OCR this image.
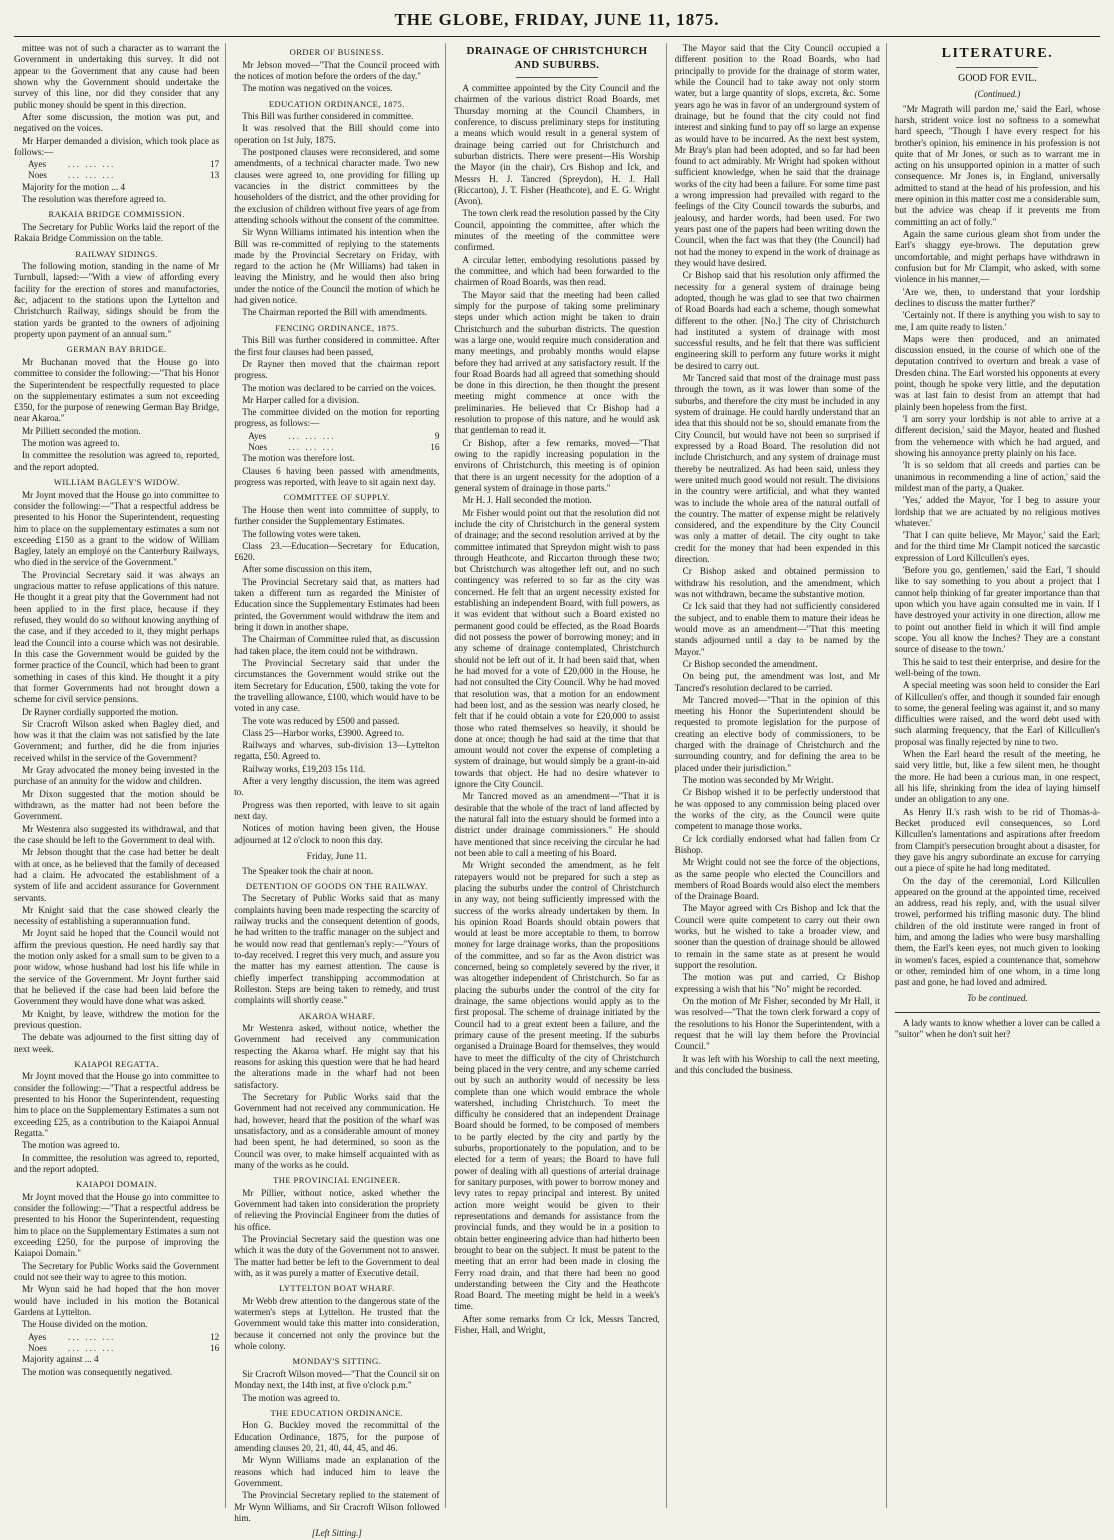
THE GLOBE, FRIDAY, JUNE 11, 1875.

mittee was not of such a character as to warrant the Government in undertaking this survey. It did not appear to the Government that any cause had been shown why the Government should undertake the survey of this line, nor did they consider that any public money should be spent in this direction.

After some discussion, the motion was put, and negatived on the voices.

Mr Harper demanded a division, which took place as follows:—

Ayes	... ... ...	17
Noes	... ... ...	13

Majority for the motion ... 4

The resolution was therefore agreed to.

RAKAIA BRIDGE COMMISSION.

The Secretary for Public Works laid the report of the Rakaia Bridge Commission on the table.

RAILWAY SIDINGS.

The following motion, standing in the name of Mr Turnbull, lapsed:—"With a view of affording every facility for the erection of stores and manufactories, &c, adjacent to the stations upon the Lyttelton and Christchurch Railway, sidings should be from the station yards be granted to the owners of adjoining property upon payment of an annual sum."

GERMAN BAY BRIDGE.

Mr Buchanan moved that the House go into committee to consider the following:—"That his Honor the Superintendent be respectfully requested to place on the supplementary estimates a sum not exceeding £350, for the purpose of renewing German Bay Bridge, near Akaroa."

Mr Pilliett seconded the motion.

The motion was agreed to.

In committee the resolution was agreed to, reported, and the report adopted.

WILLIAM BAGLEY'S WIDOW.

Mr Joynt moved that the House go into committee to consider the following:—"That a respectful address be presented to his Honor the Superintendent, requesting him to place on the supplementary estimates a sum not exceeding £150 as a grant to the widow of William Bagley, lately an employé on the Canterbury Railways, who died in the service of the Government."

The Provincial Secretary said it was always an ungracious matter to refuse applications of this nature. He thought it a great pity that the Government had not been applied to in the first place, because if they refused, they would do so without knowing anything of the case, and if they acceded to it, they might perhaps lead the Council into a course which was not desirable. In this case the Government would be guided by the former practice of the Council, which had been to grant something in cases of this kind. He thought it a pity that former Governments had not brought down a scheme for civil service pensions.

Dr Rayner cordially supported the motion.

Sir Cracroft Wilson asked when Bagley died, and how was it that the claim was not satisfied by the late Government; and further, did he die from injuries received whilst in the service of the Government?

Mr Gray advocated the money being invested in the purchase of an annuity for the widow and children.

Mr Dixon suggested that the motion should be withdrawn, as the matter had not been before the Government.

Mr Westenra also suggested its withdrawal, and that the case should be left to the Government to deal with.

Mr Jebson thought that the case had better be dealt with at once, as he believed that the family of deceased had a claim. He advocated the establishment of a system of life and accident assurance for Government servants.

Mr Knight said that the case showed clearly the necessity of establishing a superannuation fund.

Mr Joynt said he hoped that the Council would not affirm the previous question. He need hardly say that the motion only asked for a small sum to be given to a poor widow, whose husband had lost his life while in the service of the Government. Mr Joynt further said that he believed if the case had been laid before the Government they would have done what was asked.

Mr Knight, by leave, withdrew the motion for the previous question.

The debate was adjourned to the first sitting day of next week.

KAIAPOI REGATTA.

Mr Joynt moved that the House go into committee to consider the following:—"That a respectful address be presented to his Honor the Superintendent, requesting him to place on the Supplementary Estimates a sum not exceeding £25, as a contribution to the Kaiapoi Annual Regatta."

The motion was agreed to.

In committee, the resolution was agreed to, reported, and the report adopted.

KAIAPOI DOMAIN.

Mr Joynt moved that the House go into committee to consider the following:—"That a respectful address be presented to his Honor the Superintendent, requesting him to place on the Supplementary Estimates a sum not exceeding £250, for the purpose of improving the Kaiapoi Domain."

The Secretary for Public Works said the Government could not see their way to agree to this motion.

Mr Wynn said he had hoped that the hon mover would have included in his motion the Botanical Gardens at Lyttelton.

The House divided on the motion.

Ayes	... ... ...	12
Noes	... ... ...	16

Majority against ... 4

The motion was consequently negatived.

ORDER OF BUSINESS.

Mr Jebson moved—"That the Council proceed with the notices of motion before the orders of the day."

The motion was negatived on the voices.

EDUCATION ORDINANCE, 1875.

This Bill was further considered in committee.

It was resolved that the Bill should come into operation on 1st July, 1875.

The postponed clauses were reconsidered, and some amendments, of a technical character made. Two new clauses were agreed to, one providing for filling up vacancies in the district committees by the householders of the district, and the other providing for the exclusion of children without five years of age from attending schools without the consent of the committee.

Sir Wynn Williams intimated his intention when the Bill was re-committed of replying to the statements made by the Provincial Secretary on Friday, with regard to the action he (Mr Williams) had taken in leaving the Ministry, and he would then also bring under the notice of the Council the motion of which he had given notice.

The Chairman reported the Bill with amendments.

FENCING ORDINANCE, 1875.

This Bill was further considered in committee. After the first four clauses had been passed,

Dr Rayner then moved that the chairman report progress.

The motion was declared to be carried on the voices.

Mr Harper called for a division.

The committee divided on the motion for reporting progress, as follows:—

Ayes	... ... ...	9
Noes	... ... ...	16

The motion was therefore lost.

Clauses 6 having been passed with amendments, progress was reported, with leave to sit again next day.

COMMITTEE OF SUPPLY.

The House then went into committee of supply, to further consider the Supplementary Estimates.

The following votes were taken.

Class 23.—Education—Secretary for Education, £620.

After some discussion on this item,

The Provincial Secretary said that, as matters had taken a different turn as regarded the Minister of Education since the Supplementary Estimates had been printed, the Government would withdraw the item and bring it down in another shape.

The Chairman of Committee ruled that, as discussion had taken place, the item could not be withdrawn.

The Provincial Secretary said that under the circumstances the Government would strike out the item Secretary for Education, £500, taking the vote for the travelling allowance, £100, which would have to be voted in any case.

The vote was reduced by £500 and passed.

Class 25—Harbor works, £3900. Agreed to.

Railways and wharves, sub-division 13—Lyttelton regatta, £50. Agreed to.

Railway works, £19,203 15s 11d.

After a very lengthy discussion, the item was agreed to.

Progress was then reported, with leave to sit again next day.

Notices of motion having been given, the House adjourned at 12 o'clock to noon this day.

Friday, June 11.

The Speaker took the chair at noon.

DETENTION OF GOODS ON THE RAILWAY.

The Secretary of Public Works said that as many complaints having been made respecting the scarcity of railway trucks and the consequent detention of goods, he had written to the traffic manager on the subject and he would now read that gentleman's reply:—"Yours of to-day received. I regret this very much, and assure you the matter has my earnest attention. The cause is chiefly imperfect transhipping accommodation at Rolleston. Steps are being taken to remedy, and trust complaints will shortly cease."

AKAROA WHARF.

Mr Westenra asked, without notice, whether the Government had received any communication respecting the Akaroa wharf. He might say that his reasons for asking this question were that he had heard the alterations made in the wharf had not been satisfactory.

The Secretary for Public Works said that the Government had not received any communication. He had, however, heard that the position of the wharf was unsatisfactory, and as a considerable amount of money had been spent, he had determined, so soon as the Council was over, to make himself acquainted with as many of the works as he could.

THE PROVINCIAL ENGINEER.

Mr Pillier, without notice, asked whether the Government had taken into consideration the propriety of relieving the Provincial Engineer from the duties of his office.

The Provincial Secretary said the question was one which it was the duty of the Government not to answer. The matter had better be left to the Government to deal with, as it was purely a matter of Executive detail.

LYTTELTON BOAT WHARF.

Mr Webb drew attention to the dangerous state of the watermen's steps at Lyttelton. He trusted that the Government would take this matter into consideration, because it concerned not only the province but the whole colony.

MONDAY'S SITTING.

Sir Cracroft Wilson moved—"That the Council sit on Monday next, the 14th inst, at five o'clock p.m."

The motion was agreed to.

THE EDUCATION ORDINANCE.

Hon G. Buckley moved the recommittal of the Education Ordinance, 1875, for the purpose of amending clauses 20, 21, 40, 44, 45, and 46.

Mr Wynn Williams made an explanation of the reasons which had induced him to leave the Government.

The Provincial Secretary replied to the statement of Mr Wynn Williams, and Sir Cracroft Wilson followed him.

[Left Sitting.]
DRAINAGE OF CHRISTCHURCH AND SUBURBS.

A committee appointed by the City Council and the chairmen of the various district Road Boards, met Thursday morning at the Council Chambers, in conference, to discuss preliminary steps for instituting a means which would result in a general system of drainage being carried out for Christchurch and suburban districts. There were present—His Worship the Mayor (in the chair), Crs Bishop and Ick, and Messrs H. J. Tancred (Spreydon), H. J. Hall (Riccarton), J. T. Fisher (Heathcote), and E. G. Wright (Avon).

The town clerk read the resolution passed by the City Council, appointing the committee, after which the minutes of the meeting of the committee were confirmed.

A circular letter, embodying resolutions passed by the committee, and which had been forwarded to the chairmen of Road Boards, was then read.

The Mayor said that the meeting had been called simply for the purpose of taking some preliminary steps under which action might be taken to drain Christchurch and the suburban districts. The question was a large one, would require much consideration and many meetings, and probably months would elapse before they had arrived at any satisfactory result. If the four Road Boards had all agreed that something should be done in this direction, he then thought the present meeting might commence at once with the preliminaries. He believed that Cr Bishop had a resolution to propose of this nature, and he would ask that gentleman to read it.

Cr Bishop, after a few remarks, moved—"That owing to the rapidly increasing population in the environs of Christchurch, this meeting is of opinion that there is an urgent necessity for the adoption of a general system of drainage in those parts."

Mr H. J. Hall seconded the motion.

Mr Fisher would point out that the resolution did not include the city of Christchurch in the general system of drainage; and the second resolution arrived at by the committee intimated that Spreydon might wish to pass through Heathcote, and Riccarton through these two; but Christchurch was altogether left out, and no such contingency was referred to so far as the city was concerned. He felt that an urgent necessity existed for establishing an independent Board, with full powers, as it was evident that without such a Board existed no permanent good could be effected, as the Road Boards did not possess the power of borrowing money; and in any scheme of drainage contemplated, Christchurch should not be left out of it. It had been said that, when he had moved for a vote of £20,000 in the House, he had not consulted the City Council. Why he had moved that resolution was, that a motion for an endowment had been lost, and as the session was nearly closed, he felt that if he could obtain a vote for £20,000 to assist those who rated themselves so heavily, it should be done at once; though he had said at the time that that amount would not cover the expense of completing a system of drainage, but would simply be a grant-in-aid towards that object. He had no desire whatever to ignore the City Council.

Mr Tancred moved as an amendment—"That it is desirable that the whole of the tract of land affected by the natural fall into the estuary should be formed into a district under drainage commissioners." He should have mentioned that since receiving the circular he had not been able to call a meeting of his Board.

Mr Wright seconded the amendment, as he felt ratepayers would not be prepared for such a step as placing the suburbs under the control of Christchurch in any way, not being sufficiently impressed with the success of the works already undertaken by them. In his opinion Road Boards should obtain powers that would at least be more acceptable to them, to borrow money for large drainage works, than the propositions of the committee, and so far as the Avon district was concerned, being so completely severed by the river, it was altogether independent of Christchurch. So far as placing the suburbs under the control of the city for drainage, the same objections would apply as to the first proposal. The scheme of drainage initiated by the Council had to a great extent been a failure, and the primary cause of the present meeting. If the suburbs organised a Drainage Board for themselves, they would have to meet the difficulty of the city of Christchurch being placed in the very centre, and any scheme carried out by such an authority would of necessity be less complete than one which would embrace the whole watershed, including Christchurch. To meet the difficulty he considered that an independent Drainage Board should be formed, to be composed of members to be partly elected by the city and partly by the suburbs, proportionately to the population, and to be elected for a term of years; the Board to have full power of dealing with all questions of arterial drainage for sanitary purposes, with power to borrow money and levy rates to repay principal and interest. By united action more weight would be given to their representations and demands for assistance from the provincial funds, and they would be in a position to obtain better engineering advice than had hitherto been brought to bear on the subject. It must be patent to the meeting that an error had been made in closing the Ferry road drain, and that there had been no good understanding between the City and the Heathcote Road Board. The meeting might be held in a week's time.

After some remarks from Cr Ick, Messrs Tancred, Fisher, Hall, and Wright,

The Mayor said that the City Council occupied a different position to the Road Boards, who had principally to provide for the drainage of storm water, while the Council had to take away not only storm water, but a large quantity of slops, excreta, &c. Some years ago he was in favor of an underground system of drainage, but he found that the city could not find interest and sinking fund to pay off so large an expense as would have to be incurred. As the next best system, Mr Bray's plan had been adopted, and so far had been found to act admirably. Mr Wright had spoken without sufficient knowledge, when he said that the drainage works of the city had been a failure. For some time past a wrong impression had prevailed with regard to the feelings of the City Council towards the suburbs, and jealousy, and harder words, had been used. For two years past one of the papers had been writing down the Council, when the fact was that they (the Council) had not had the money to expend in the work of drainage as they would have desired.

Cr Bishop said that his resolution only affirmed the necessity for a general system of drainage being adopted, though he was glad to see that two chairmen of Road Boards had each a scheme, though somewhat different to the other. [No.] The city of Christchurch had instituted a system of drainage with most successful results, and he felt that there was sufficient engineering skill to perform any future works it might be desired to carry out.

Mr Tancred said that most of the drainage must pass through the town, as it was lower than some of the suburbs, and therefore the city must be included in any system of drainage. He could hardly understand that an idea that this should not be so, should emanate from the City Council, but would have not been so surprised if expressed by a Road Board. The resolution did not include Christchurch, and any system of drainage must thereby be neutralized. As had been said, unless they were united much good would not result. The divisions in the country were artificial, and what they wanted was to include the whole area of the natural outfall of the country. The matter of expense might be relatively considered, and the expenditure by the City Council was only a matter of detail. The city ought to take credit for the money that had been expended in this direction.

Cr Bishop asked and obtained permission to withdraw his resolution, and the amendment, which was not withdrawn, became the substantive motion.

Cr Ick said that they had not sufficiently considered the subject, and to enable them to mature their ideas he would move as an amendment—"That this meeting stands adjourned until a day to be named by the Mayor."

Cr Bishop seconded the amendment.

On being put, the amendment was lost, and Mr Tancred's resolution declared to be carried.

Mr Tancred moved—"That in the opinion of this meeting his Honor the Superintendent should be requested to promote legislation for the purpose of creating an elective body of commissioners, to be charged with the drainage of Christchurch and the surrounding country, and for defining the area to be placed under their jurisdiction."

The motion was seconded by Mr Wright.

Cr Bishop wished it to be perfectly understood that he was opposed to any commission being placed over the works of the city, as the Council were quite competent to manage those works.

Cr Ick cordially endorsed what had fallen from Cr Bishop.

Mr Wright could not see the force of the objections, as the same people who elected the Councillors and members of Road Boards would also elect the members of the Drainage Board.

The Mayor agreed with Crs Bishop and Ick that the Council were quite competent to carry out their own works, but he wished to take a broader view, and sooner than the question of drainage should be allowed to remain in the same state as at present he would support the resolution.

The motion was put and carried, Cr Bishop expressing a wish that his "No" might be recorded.

On the motion of Mr Fisher, seconded by Mr Hall, it was resolved—"That the town clerk forward a copy of the resolutions to his Honor the Superintendent, with a request that he will lay them before the Provincial Council."

It was left with his Worship to call the next meeting, and this concluded the business.

LITERATURE.
GOOD FOR EVIL.
(Continued.)

"Mr Magrath will pardon me,' said the Earl, whose harsh, strident voice lost no softness to a somewhat hard speech, "Though I have every respect for his brother's opinion, his eminence in his profession is not quite that of Mr Jones, or such as to warrant me in acting on his unsupported opinion in a matter of such consequence. Mr Jones is, in England, universally admitted to stand at the head of his profession, and his mere opinion in this matter cost me a considerable sum, but the advice was cheap if it prevents me from committing an act of folly."

Again the same curious gleam shot from under the Earl's shaggy eye-brows. The deputation grew uncomfortable, and might perhaps have withdrawn in confusion but for Mr Clampit, who asked, with some violence in his manner,—

'Are we, then, to understand that your lordship declines to discuss the matter further?'

'Certainly not. If there is anything you wish to say to me, I am quite ready to listen.'

Maps were then produced, and an animated discussion ensued, in the course of which one of the deputation contrived to overturn and break a vase of Dresden china. The Earl worsted his opponents at every point, though he spoke very little, and the deputation was at last fain to desist from an attempt that had plainly been hopeless from the first.

'I am sorry your lordship is not able to arrive at a different decision,' said the Mayor, heated and flushed from the vehemence with which he had argued, and showing his annoyance pretty plainly on his face.

'It is so seldom that all creeds and parties can be unanimous in recommending a line of action,' said the mildest man of the party, a Quaker.

'Yes,' added the Mayor, 'for I beg to assure your lordship that we are actuated by no religious motives whatever.'

'That I can quite believe, Mr Mayor,' said the Earl; and for the third time Mr Clampit noticed the sarcastic expression of Lord Killcullen's eyes.

'Before you go, gentlemen,' said the Earl, 'I should like to say something to you about a project that I cannot help thinking of far greater importance than that upon which you have again consulted me in vain. If I have destroyed your activity in one direction, allow me to point out another field in which it will find ample scope. You all know the Inches? They are a constant source of disease to the town.'

This he said to test their enterprise, and desire for the well-being of the town.

A special meeting was soon held to consider the Earl of Killcullen's offer, and though it sounded fair enough to some, the general feeling was against it, and so many difficulties were raised, and the word debt used with such alarming frequency, that the Earl of Killcullen's proposal was finally rejected by nine to two.

When the Earl heard the result of the meeting, he said very little, but, like a few silent men, he thought the more. He had been a curious man, in one respect, all his life, shrinking from the idea of laying himself under an obligation to any one.

As Henry II.'s rash wish to be rid of Thomas-à-Becket produced evil consequences, so Lord Killcullen's lamentations and aspirations after freedom from Clampit's persecution brought about a disaster, for they gave his angry subordinate an excuse for carrying out a piece of spite he had long meditated.

On the day of the ceremonial, Lord Killcullen appeared on the ground at the appointed time, received an address, read his reply, and, with the usual silver trowel, performed his trifling masonic duty. The blind children of the old institute were ranged in front of him, and among the ladies who were busy marshalling them, the Earl's keen eyes, not much given to looking in women's faces, espied a countenance that, somehow or other, reminded him of one whom, in a time long past and gone, he had loved and admired.

To be continued.
A lady wants to know whether a lover can be called a "suitor" when he don't suit her?
